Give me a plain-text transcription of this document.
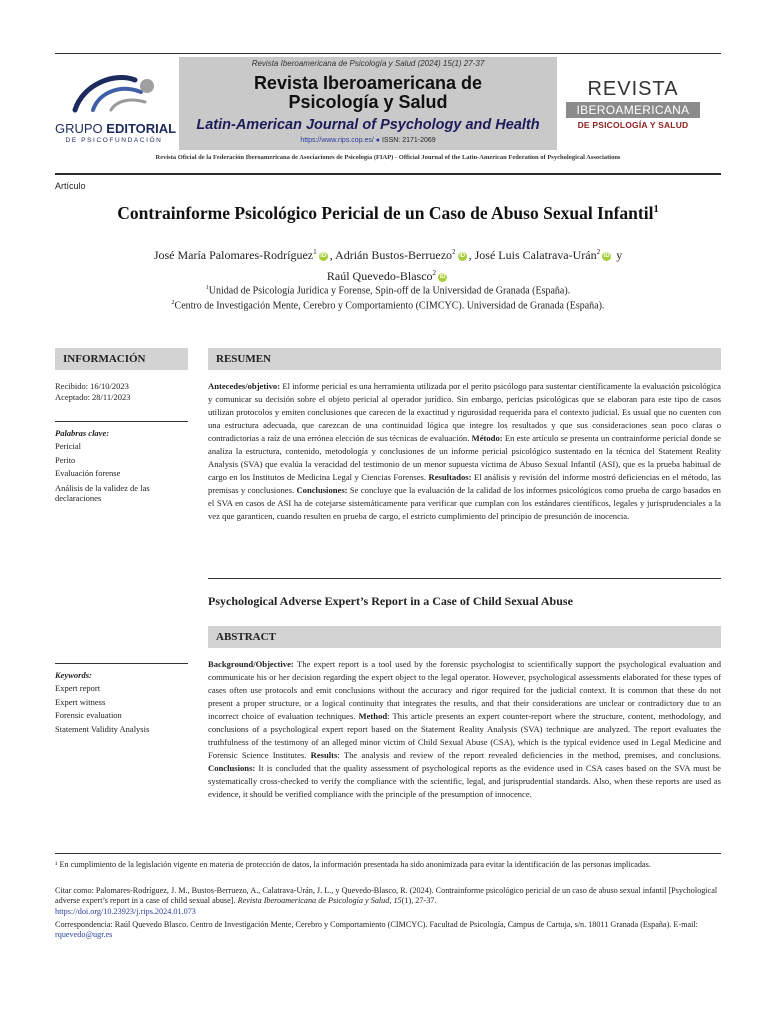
GRUPO EDITORIAL
DE PSICOFUNDACIÓN
Revista Iberoamericana de Psicología y Salud (2024) 15(1) 27-37
Revista Iberoamericana de
Psicología y Salud
Latin-American Journal of Psychology and Health
https://www.rips.cop.es/ ● ISSN: 2171-2069
REVISTA
IBEROAMERICANA
DE PSICOLOGÍA Y SALUD
Revista Oficial de la Federación Iberoamericana de Asociaciones de Psicología (FIAP) - Official Journal of the Latin-American Federation of Psychological Associations
Artículo
Contrainforme Psicológico Pericial de un Caso de Abuso Sexual Infantil$^1$
José María Palomares-Rodríguez$^1$ iD , Adrián Bustos-Berruezo$^2$ iD , José Luis Calatrava-Urán$^2$ iD y
Raúl Quevedo-Blasco$^2$ iD
$^1$Unidad de Psicología Jurídica y Forense, Spin-off de la Universidad de Granada (España).
$^2$Centro de Investigación Mente, Cerebro y Comportamiento (CIMCYC). Universidad de Granada (España).
INFORMACIÓN
Recibido: 16/10/2023
Aceptado: 28/11/2023
Palabras clave:
Pericial
Perito
Evaluación forense
Análisis de la validez de las declaraciones
Keywords:
Expert report
Expert witness
Forensic evaluation
Statement Validity Analysis
RESUMEN
Antecedes/objetivo: El informe pericial es una herramienta utilizada por el perito psicólogo para sustentar científicamente la evaluación psicológica y comunicar su decisión sobre el objeto pericial al operador jurídico. Sin embargo, pericias psicológicas que se elaboran para este tipo de casos utilizan protocolos y emiten conclusiones que carecen de la exactitud y rigurosidad requerida para el contexto judicial. Es usual que no cuenten con una estructura adecuada, que carezcan de una continuidad lógica que integre los resultados y que sus consideraciones sean poco claras o contradictorias a raíz de una errónea elección de sus técnicas de evaluación. Método: En este artículo se presenta un contrainforme pericial donde se analiza la estructura, contenido, metodología y conclusiones de un informe pericial psicológico sustentado en la técnica del Statement Reality Analysis (SVA) que evalúa la veracidad del testimonio de un menor supuesta víctima de Abuso Sexual Infantil (ASI), que es la prueba habitual de cargo en los Institutos de Medicina Legal y Ciencias Forenses. Resultados: El análisis y revisión del informe mostró deficiencias en el método, las premisas y conclusiones. Conclusiones: Se concluye que la evaluación de la calidad de los informes psicológicos como prueba de cargo basados en el SVA en casos de ASI ha de cotejarse sistemáticamente para verificar que cumplan con los estándares científicos, legales y jurisprudenciales a la vez que garanticen, cuando resulten en prueba de cargo, el estricto cumplimiento del principio de presunción de inocencia.
Psychological Adverse Expert’s Report in a Case of Child Sexual Abuse
ABSTRACT
Background/Objective: The expert report is a tool used by the forensic psychologist to scientifically support the psychological evaluation and communicate his or her decision regarding the expert object to the legal operator. However, psychological assessments elaborated for these types of cases often use protocols and emit conclusions without the accuracy and rigor required for the judicial context. It is common that these do not present a proper structure, or a logical continuity that integrates the results, and that their considerations are unclear or contradictory due to an incorrect choice of evaluation techniques. Method: This article presents an expert counter-report where the structure, content, methodology, and conclusions of a psychological expert report based on the Statement Reality Analysis (SVA) technique are analyzed. The report evaluates the truthfulness of the testimony of an alleged minor victim of Child Sexual Abuse (CSA), which is the typical evidence used in Legal Medicine and Forensic Science Institutes. Results: The analysis and review of the report revealed deficiencies in the method, premises, and conclusions. Conclusions: It is concluded that the quality assessment of psychological reports as the evidence used in CSA cases based on the SVA must be systematically cross-checked to verify the compliance with the scientific, legal, and jurisprudential standards. Also, when these reports are used as evidence, it should be verified compliance with the principle of the presumption of innocence.
¹ En cumplimiento de la legislación vigente en materia de protección de datos, la información presentada ha sido anonimizada para evitar la identificación de las personas implicadas.
Citar como: Palomares-Rodríguez, J. M., Bustos-Berruezo, A., Calatrava-Urán, J. L., y Quevedo-Blasco, R. (2024). Contrainforme psicológico pericial de un caso de abuso sexual infantil [Psychological adverse expert’s report in a case of child sexual abuse]. Revista Iberoamericana de Psicología y Salud, 15(1), 27-37.
https://doi.org/10.23923/j.rips.2024.01.073
Correspondencia: Raúl Quevedo Blasco. Centro de Investigación Mente, Cerebro y Comportamiento (CIMCYC). Facultad de Psicología, Campus de Cartuja, s/n. 18011 Granada (España). E-mail: rquevedo@ugr.es
